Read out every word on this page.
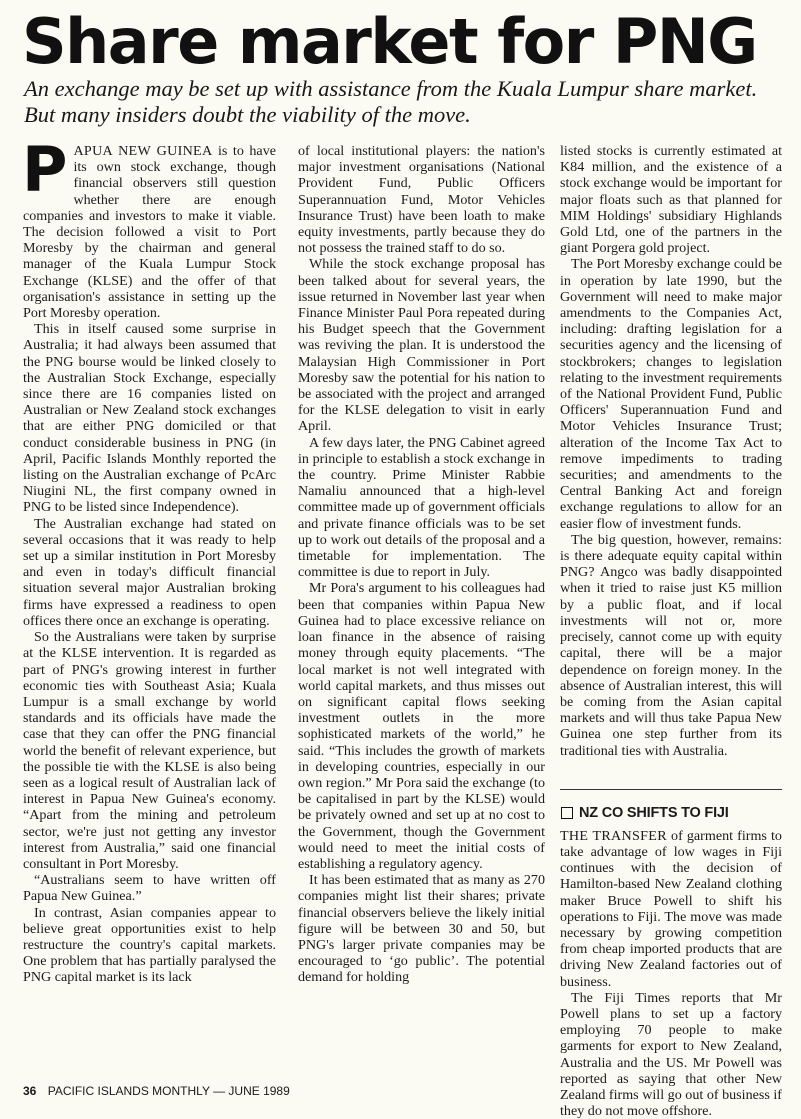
Share market for PNG

An exchange may be set up with assistance from the Kuala Lumpur share market. But many insiders doubt the viability of the move.

PAPUA NEW GUINEA is to have its own stock exchange, though financial observers still question whether there are enough companies and investors to make it viable. The decision followed a visit to Port Moresby by the chairman and general manager of the Kuala Lumpur Stock Exchange (KLSE) and the offer of that organisation's assistance in setting up the Port Moresby operation.

This in itself caused some surprise in Australia; it had always been assumed that the PNG bourse would be linked closely to the Australian Stock Exchange, especially since there are 16 companies listed on Australian or New Zealand stock exchanges that are either PNG domiciled or that conduct considerable business in PNG (in April, Pacific Islands Monthly reported the listing on the Australian exchange of PcArc Niugini NL, the first company owned in PNG to be listed since Independence).

The Australian exchange had stated on several occasions that it was ready to help set up a similar institution in Port Moresby and even in today's difficult financial situation several major Australian broking firms have expressed a readiness to open offices there once an exchange is operating.

So the Australians were taken by surprise at the KLSE intervention. It is regarded as part of PNG's growing interest in further economic ties with Southeast Asia; Kuala Lumpur is a small exchange by world standards and its officials have made the case that they can offer the PNG financial world the benefit of relevant experience, but the possible tie with the KLSE is also being seen as a logical result of Australian lack of interest in Papua New Guinea's economy. “Apart from the mining and petroleum sector, we're just not getting any investor interest from Australia,” said one financial consultant in Port Moresby.

“Australians seem to have written off Papua New Guinea.”

In contrast, Asian companies appear to believe great opportunities exist to help restructure the country's capital markets. One problem that has partially paralysed the PNG capital market is its lack

of local institutional players: the nation's major investment organisations (National Provident Fund, Public Officers Superannuation Fund, Motor Vehicles Insurance Trust) have been loath to make equity investments, partly because they do not possess the trained staff to do so.

While the stock exchange proposal has been talked about for several years, the issue returned in November last year when Finance Minister Paul Pora repeated during his Budget speech that the Government was reviving the plan. It is understood the Malaysian High Commissioner in Port Moresby saw the potential for his nation to be associated with the project and arranged for the KLSE delegation to visit in early April.

A few days later, the PNG Cabinet agreed in principle to establish a stock exchange in the country. Prime Minister Rabbie Namaliu announced that a high-level committee made up of government officials and private finance officials was to be set up to work out details of the proposal and a timetable for implementation. The committee is due to report in July.

Mr Pora's argument to his colleagues had been that companies within Papua New Guinea had to place excessive reliance on loan finance in the absence of raising money through equity placements. “The local market is not well integrated with world capital markets, and thus misses out on significant capital flows seeking investment outlets in the more sophisticated markets of the world,” he said. “This includes the growth of markets in developing countries, especially in our own region.” Mr Pora said the exchange (to be capitalised in part by the KLSE) would be privately owned and set up at no cost to the Government, though the Government would need to meet the initial costs of establishing a regulatory agency.

It has been estimated that as many as 270 companies might list their shares; private financial observers believe the likely initial figure will be between 30 and 50, but PNG's larger private companies may be encouraged to ‘go public’. The potential demand for holding

listed stocks is currently estimated at K84 million, and the existence of a stock exchange would be important for major floats such as that planned for MIM Holdings' subsidiary Highlands Gold Ltd, one of the partners in the giant Porgera gold project.

The Port Moresby exchange could be in operation by late 1990, but the Government will need to make major amendments to the Companies Act, including: drafting legislation for a securities agency and the licensing of stockbrokers; changes to legislation relating to the investment requirements of the National Provident Fund, Public Officers' Superannuation Fund and Motor Vehicles Insurance Trust; alteration of the Income Tax Act to remove impediments to trading securities; and amendments to the Central Banking Act and foreign exchange regulations to allow for an easier flow of investment funds.

The big question, however, remains: is there adequate equity capital within PNG? Angco was badly disappointed when it tried to raise just K5 million by a public float, and if local investments will not or, more precisely, cannot come up with equity capital, there will be a major dependence on foreign money. In the absence of Australian interest, this will be coming from the Asian capital markets and will thus take Papua New Guinea one step further from its traditional ties with Australia.

NZ CO SHIFTS TO FIJI

THE TRANSFER of garment firms to take advantage of low wages in Fiji continues with the decision of Hamilton-based New Zealand clothing maker Bruce Powell to shift his operations to Fiji. The move was made necessary by growing competition from cheap imported products that are driving New Zealand factories out of business.

The Fiji Times reports that Mr Powell plans to set up a factory employing 70 people to make garments for export to New Zealand, Australia and the US. Mr Powell was reported as saying that other New Zealand firms will go out of business if they do not move offshore.

36 PACIFIC ISLANDS MONTHLY — JUNE 1989
